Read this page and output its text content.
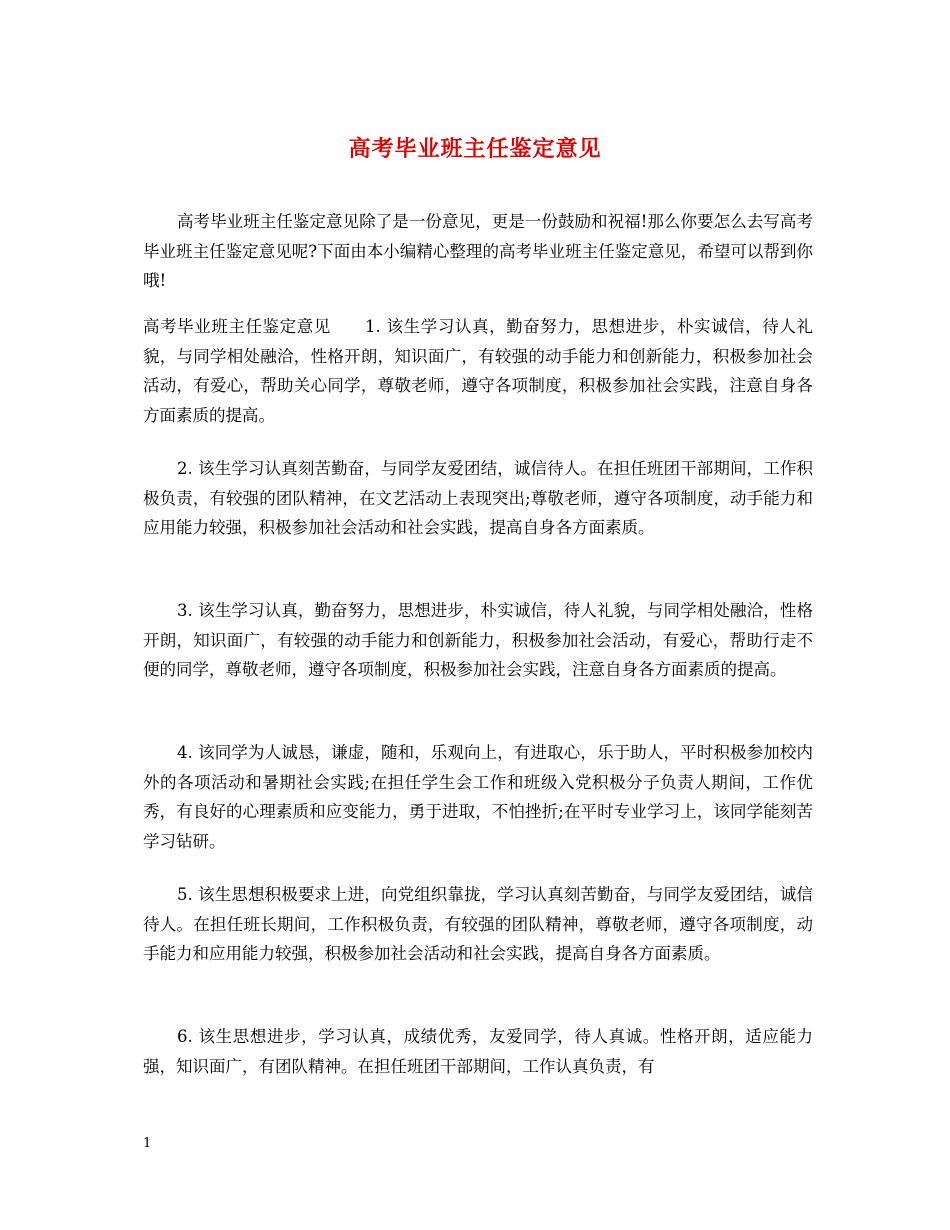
高考毕业班主任鉴定意见

高考毕业班主任鉴定意见除了是一份意见，更是一份鼓励和祝福!那么你要怎么去写高考毕业班主任鉴定意见呢?下面由本小编精心整理的高考毕业班主任鉴定意见，希望可以帮到你哦!

高考毕业班主任鉴定意见　　1. 该生学习认真，勤奋努力，思想进步，朴实诚信，待人礼貌，与同学相处融洽，性格开朗，知识面广，有较强的动手能力和创新能力，积极参加社会活动，有爱心，帮助关心同学，尊敬老师，遵守各项制度，积极参加社会实践，注意自身各方面素质的提高。

2. 该生学习认真刻苦勤奋，与同学友爱团结，诚信待人。在担任班团干部期间，工作积极负责，有较强的团队精神，在文艺活动上表现突出;尊敬老师，遵守各项制度，动手能力和应用能力较强，积极参加社会活动和社会实践，提高自身各方面素质。

3. 该生学习认真，勤奋努力，思想进步，朴实诚信，待人礼貌，与同学相处融洽，性格开朗，知识面广，有较强的动手能力和创新能力，积极参加社会活动，有爱心，帮助行走不便的同学，尊敬老师，遵守各项制度，积极参加社会实践，注意自身各方面素质的提高。

4. 该同学为人诚恳，谦虚，随和，乐观向上，有进取心，乐于助人，平时积极参加校内外的各项活动和暑期社会实践;在担任学生会工作和班级入党积极分子负责人期间，工作优秀，有良好的心理素质和应变能力，勇于进取，不怕挫折;在平时专业学习上，该同学能刻苦学习钻研。

5. 该生思想积极要求上进，向党组织靠拢，学习认真刻苦勤奋，与同学友爱团结，诚信待人。在担任班长期间，工作积极负责，有较强的团队精神，尊敬老师，遵守各项制度，动手能力和应用能力较强，积极参加社会活动和社会实践，提高自身各方面素质。

6. 该生思想进步，学习认真，成绩优秀，友爱同学，待人真诚。性格开朗，适应能力强，知识面广，有团队精神。在担任班团干部期间，工作认真负责，有

1
